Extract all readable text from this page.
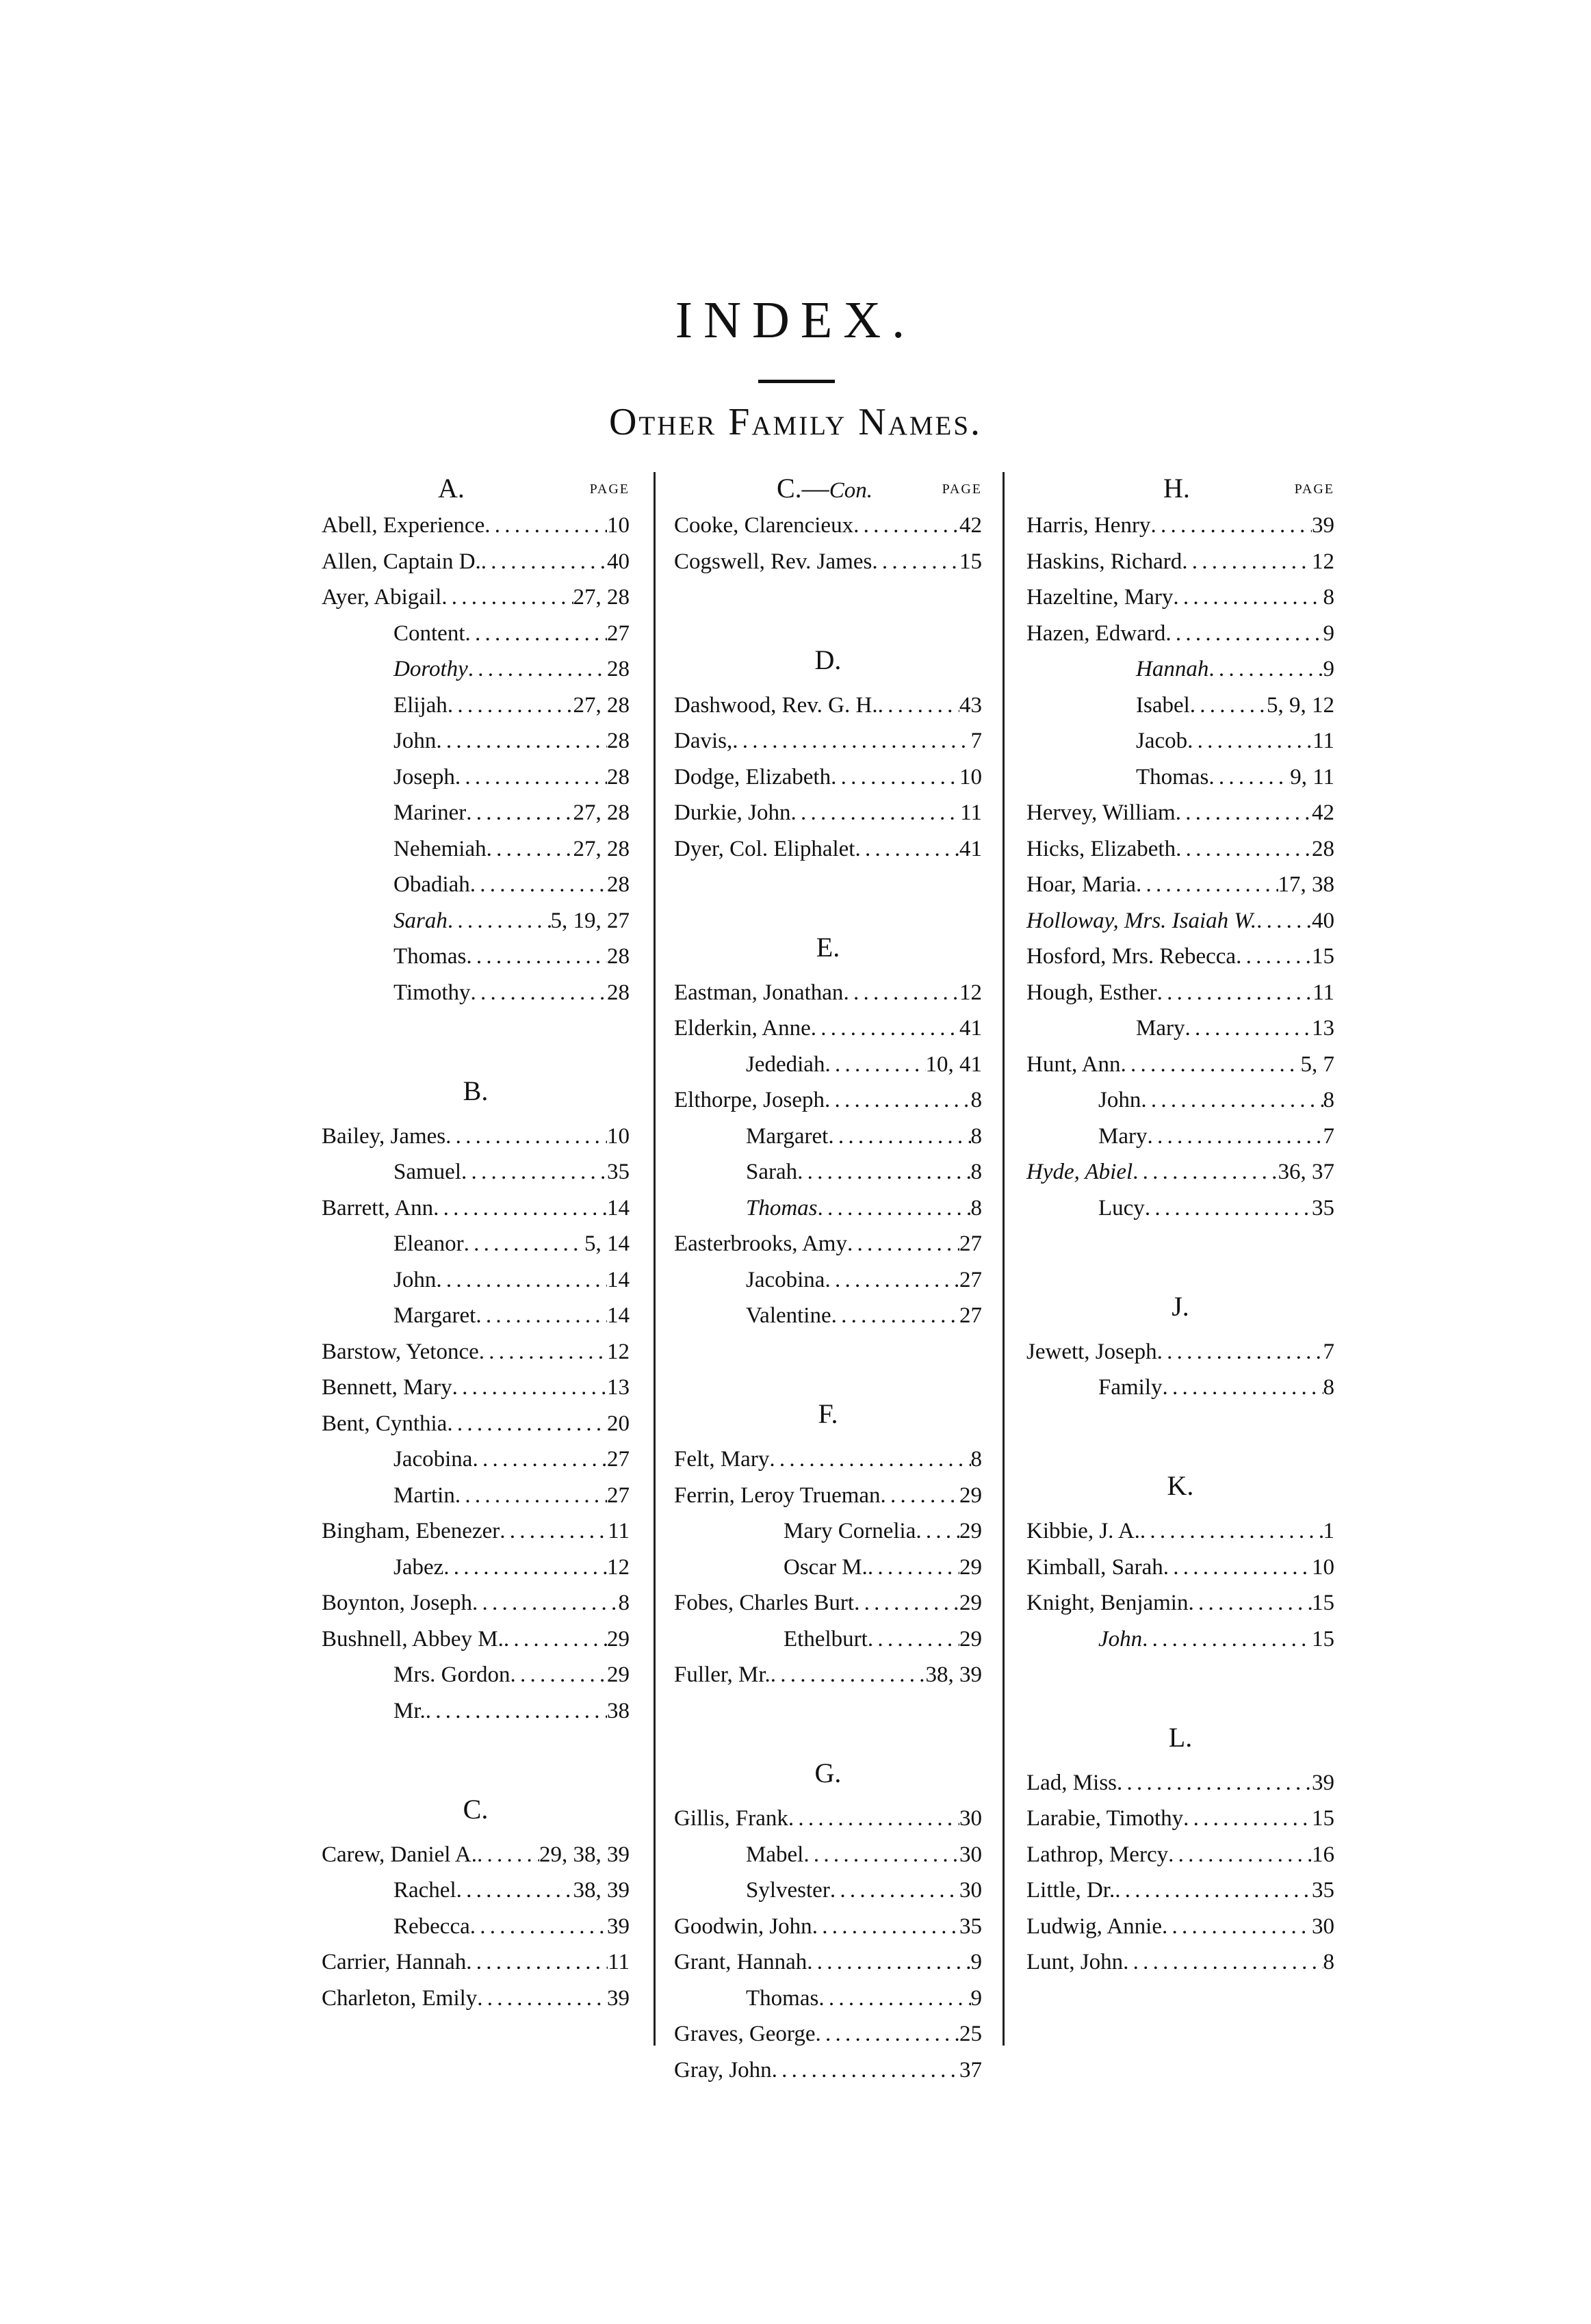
INDEX.
Other Family Names.
A.	PAGE
Abell, Experience . . .	10
Allen, Captain D. . . .	40
Ayer, Abigail . . .	27, 28
Content . . .	27
Dorothy . . .	28
Elijah . . .	27, 28
John . . .	28
Joseph . . .	28
Mariner . . .	27, 28
Nehemiah . . .	27, 28
Obadiah . . .	28
Sarah . . .	5, 19, 27
Thomas . . .	28
Timothy . . .	28
B.
Bailey, James . . .	10
Samuel . . .	35
Barrett, Ann . . .	14
Eleanor . . .	5, 14
John . . .	14
Margaret . . .	14
Barstow, Yetonce . . .	12
Bennett, Mary . . .	13
Bent, Cynthia . . .	20
Jacobina . . .	27
Martin . . .	27
Bingham, Ebenezer . . .	11
Jabez . . .	12
Boynton, Joseph . . .	8
Bushnell, Abbey M. . . .	29
Mrs. Gordon . . .	29
Mr. . . .	38
C.
Carew, Daniel A. . . .	29, 38, 39
Rachel . . .	38, 39
Rebecca . . .	39
Carrier, Hannah . . .	11
Charleton, Emily . . .	39
C.—Con.	PAGE
Cooke, Clarencieux . . .	42
Cogswell, Rev. James . . .	15
D.
Dashwood, Rev. G. H. . . .	43
Davis, . . .	7
Dodge, Elizabeth . . .	10
Durkie, John . . .	11
Dyer, Col. Eliphalet . . .	41
E.
Eastman, Jonathan . . .	12
Elderkin, Anne . . .	41
Jedediah . . .	10, 41
Elthorpe, Joseph . . .	8
Margaret . . .	8
Sarah . . .	8
Thomas . . .	8
Easterbrooks, Amy . . .	27
Jacobina . . .	27
Valentine . . .	27
F.
Felt, Mary . . .	8
Ferrin, Leroy Trueman . . .	29
Mary Cornelia . . . 29
Oscar M. . . .	29
Fobes, Charles Burt . . .	29
Ethelburt . . .	29
Fuller, Mr. . . .	38, 39
G.
Gillis, Frank . . .	30
Mabel . . .	30
Sylvester . . .	30
Goodwin, John . . .	35
Grant, Hannah . . .	9
Thomas . . .	9
Graves, George . . .	25
Gray, John . . .	37
H.	PAGE
Harris, Henry . . .	39
Haskins, Richard . . .	12
Hazeltine, Mary . . .	8
Hazen, Edward . . .	9
Hannah . . .	9
Isabel . . .	5, 9, 12
Jacob . . .	11
Thomas . . .	9, 11
Hervey, William . . .	42
Hicks, Elizabeth . . .	28
Hoar, Maria . . .	17, 38
Holloway, Mrs. Isaiah W. . . . 40
Hosford, Mrs. Rebecca . . .	15
Hough, Esther . . .	11
Mary . . .	13
Hunt, Ann . . .	5, 7
John . . .	8
Mary . . .	7
Hyde, Abiel . . .	36, 37
Lucy . . .	35
J.
Jewett, Joseph . . .	7
Family . . .	8
K.
Kibbie, J. A. . . .	1
Kimball, Sarah . . .	10
Knight, Benjamin . . .	15
John . . .	15
L.
Lad, Miss . . .	39
Larabie, Timothy . . .	15
Lathrop, Mercy . . .	16
Little, Dr. . . .	35
Ludwig, Annie . . .	30
Lunt, John . . .	8
